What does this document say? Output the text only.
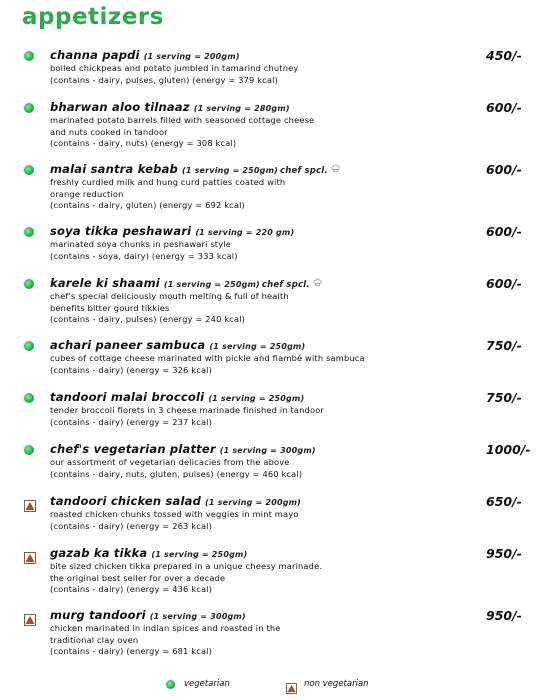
appetizers
channa papdi (1 serving = 200gm)
boiled chickpeas and potato jumbled in tamarind chutney
(contains - dairy, pulses, gluten) (energy = 379 kcal)
450/-
bharwan aloo tilnaaz (1 serving = 280gm)
marinated potato barrels filled with seasoned cottage cheese
and nuts cooked in tandoor
(contains - dairy, nuts) (energy = 308 kcal)
600/-
malai santra kebab (1 serving = 250gm) chef spcl.
freshly curdled milk and hung curd patties coated with
orange reduction
(contains - dairy, gluten) (energy = 692 kcal)
600/-
soya tikka peshawari (1 serving = 220 gm)
marinated soya chunks in peshawari style
(contains - soya, dairy) (energy = 333 kcal)
600/-
karele ki shaami (1 serving = 250gm) chef spcl.
chef's special deliciously mouth melting & full of health
benefits bitter gourd tikkies
(contains - dairy, pulses) (energy = 240 kcal)
600/-
achari paneer sambuca (1 serving = 250gm)
cubes of cottage cheese marinated with pickle and flambé with sambuca
(contains - dairy) (energy = 326 kcal)
750/-
tandoori malai broccoli (1 serving = 250gm)
tender broccoli florets in 3 cheese marinade finished in tandoor
(contains - dairy) (energy = 237 kcal)
750/-
chef's vegetarian platter (1 serving = 300gm)
our assortment of vegetarian delicacies from the above
(contains - dairy, nuts, gluten, pulses) (energy = 460 kcal)
1000/-
tandoori chicken salad (1 serving = 200gm)
roasted chicken chunks tossed with veggies in mint mayo
(contains - dairy) (energy = 263 kcal)
650/-
gazab ka tikka (1 serving = 250gm)
bite sized chicken tikka prepared in a unique cheesy marinade.
the original best seller for over a decade
(contains - dairy) (energy = 436 kcal)
950/-
murg tandoori (1 serving = 300gm)
chicken marinated in indian spices and roasted in the
traditional clay oven
(contains - dairy) (energy = 681 kcal)
950/-
vegetarian	non vegetarian
